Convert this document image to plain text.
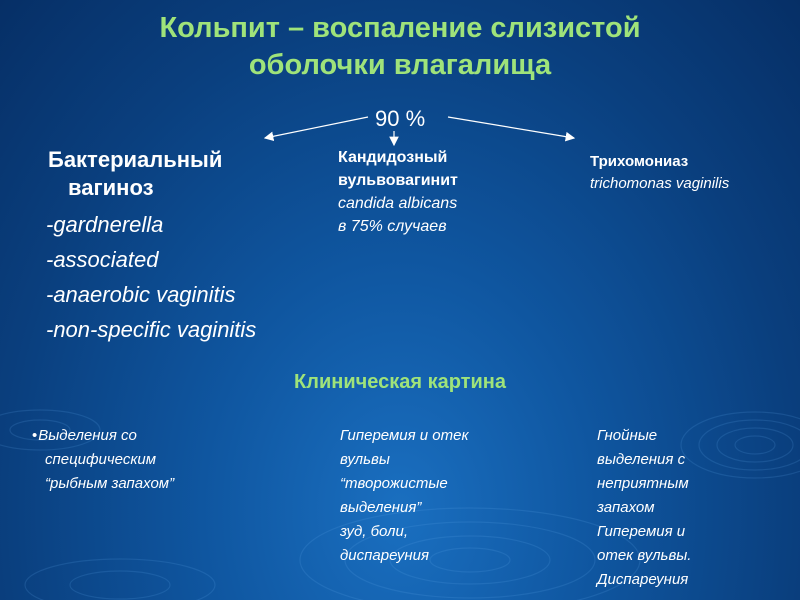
Кольпит – воспаление слизистой
оболочки влагалища
90 %
Бактериальный
вагиноз
-gardnerella
-associated
-anaerobic vaginitis
-non-specific vaginitis
Кандидозный
вульвовагинит
candida albicans
в 75% случаев
Трихомониаз
trichomonas vaginilis
Клиническая картина
• Выделения со
специфическим
“рыбным запахом”
Гиперемия и отек
вульвы
“творожистые
выделения”
зуд, боли,
диспареуния
Гнойные
выделения с
неприятным
запахом
Гиперемия и
отек вульвы.
Диспареуния
